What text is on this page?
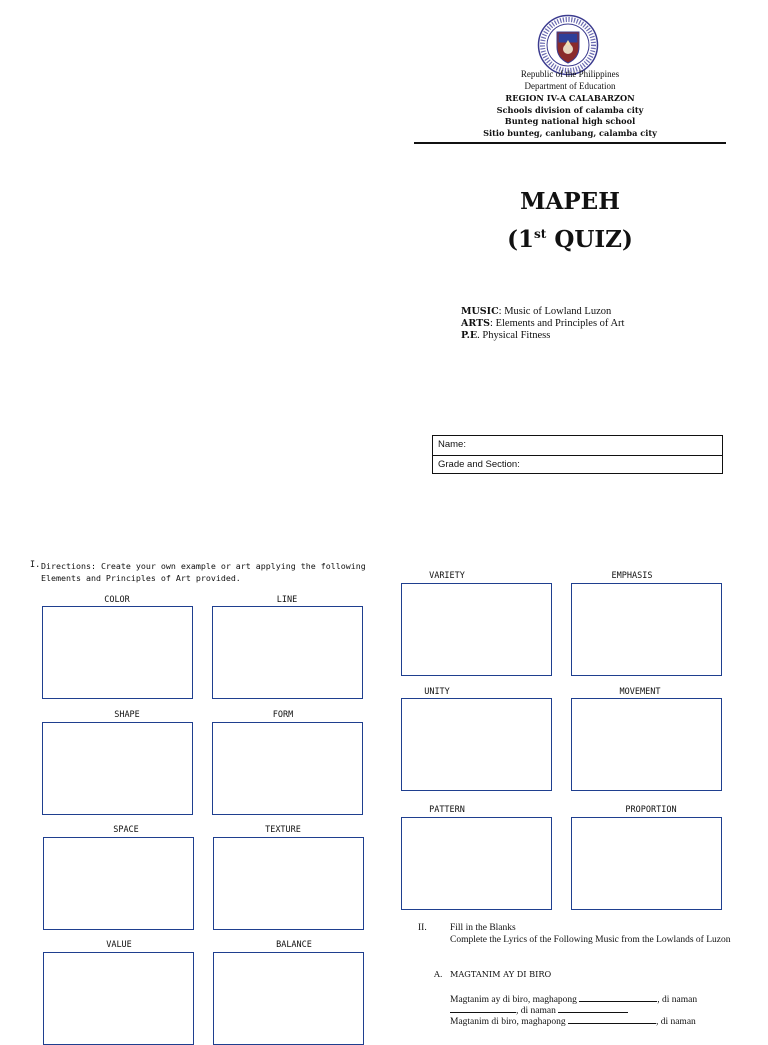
Republic of the Philippines
Department of Education
REGION IV-A CALABARZON
Schools division of calamba city
Bunteg national high school
Sitio bunteg, canlubang, calamba city
MAPEH
(1st QUIZ)
MUSIC: Music of Lowland Luzon
ARTS: Elements and Principles of Art
P.E. Physical Fitness
Name:
Grade and Section:
I. Directions: Create your own example or art applying the following Elements and Principles of Art provided.
COLOR	LINE
SHAPE	FORM
SPACE	TEXTURE
VALUE	BALANCE
VARIETY	EMPHASIS
UNITY	MOVEMENT
PATTERN	PROPORTION
II. Fill in the Blanks
Complete the Lyrics of the Following Music from the Lowlands of Luzon
A. MAGTANIM AY DI BIRO
Magtanim ay di biro, maghapong	, di naman
, di naman
Magtanim di biro, maghapong	, di naman
